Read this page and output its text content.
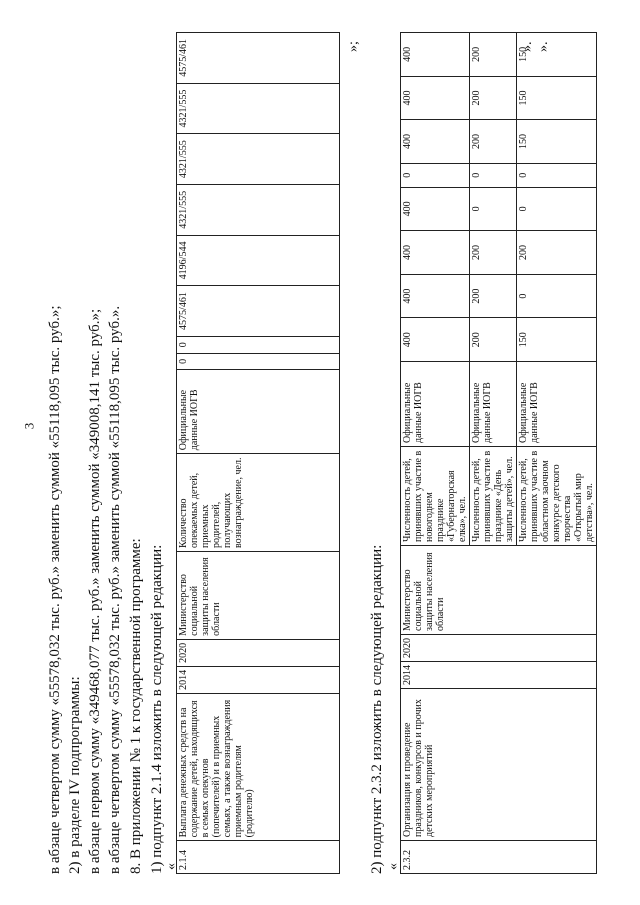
3 в абзаце четвертом сумму «55578,032 тыс. руб.» заменить суммой «55118,095 тыс. руб.»; 2) в разделе IV подпрограммы: в абзаце первом сумму «349468,077 тыс. руб.» заменить суммой «349008,141 тыс. руб.»; в абзаце четвертом сумму «55578,032 тыс. руб.» заменить суммой «55118,095 тыс. руб.». 8. В приложении № 1 к государственной программе: 1) подпункт 2.1.4 изложить в следующей редакции: « 2.1.4	Выплата денежных средств на содержание детей, находящихся в семьях опекунов (попечителей) и в приемных семьях, а также вознаграждения приемным родителям (родителю)	2014	2020	Министерство социальной защиты населения области	Количество опекаемых детей, приемных родителей, получающих вознаграждение, чел.	Официальные данные ИОГВ	0	0	4575/461	4196/544	4321/555	4321/555	4321/555	4575/461	»;
2) подпункт 2.3.2 изложить в следующей редакции: « 2.3.2	Организация и проведение праздников, конкурсов и прочих детских мероприятий	2014	2020	Министерство социальной защиты населения области	Численность детей, принявших участие в новогоднем празднике «Губернаторская елка», чел.	Официальные данные ИОГВ	400	400	400	400	0	400	400	400
					Численность детей, принявших участие в празднике «День защиты детей», чел.	Официальные данные ИОГВ	200	200	200	0	0	200	200	200
					Численность детей, принявших участие в областном заочном конкурсе детского творчества «Открытый мир детства», чел.	Официальные данные ИОГВ	150	0	200	0	0	150	150	150
». ».
